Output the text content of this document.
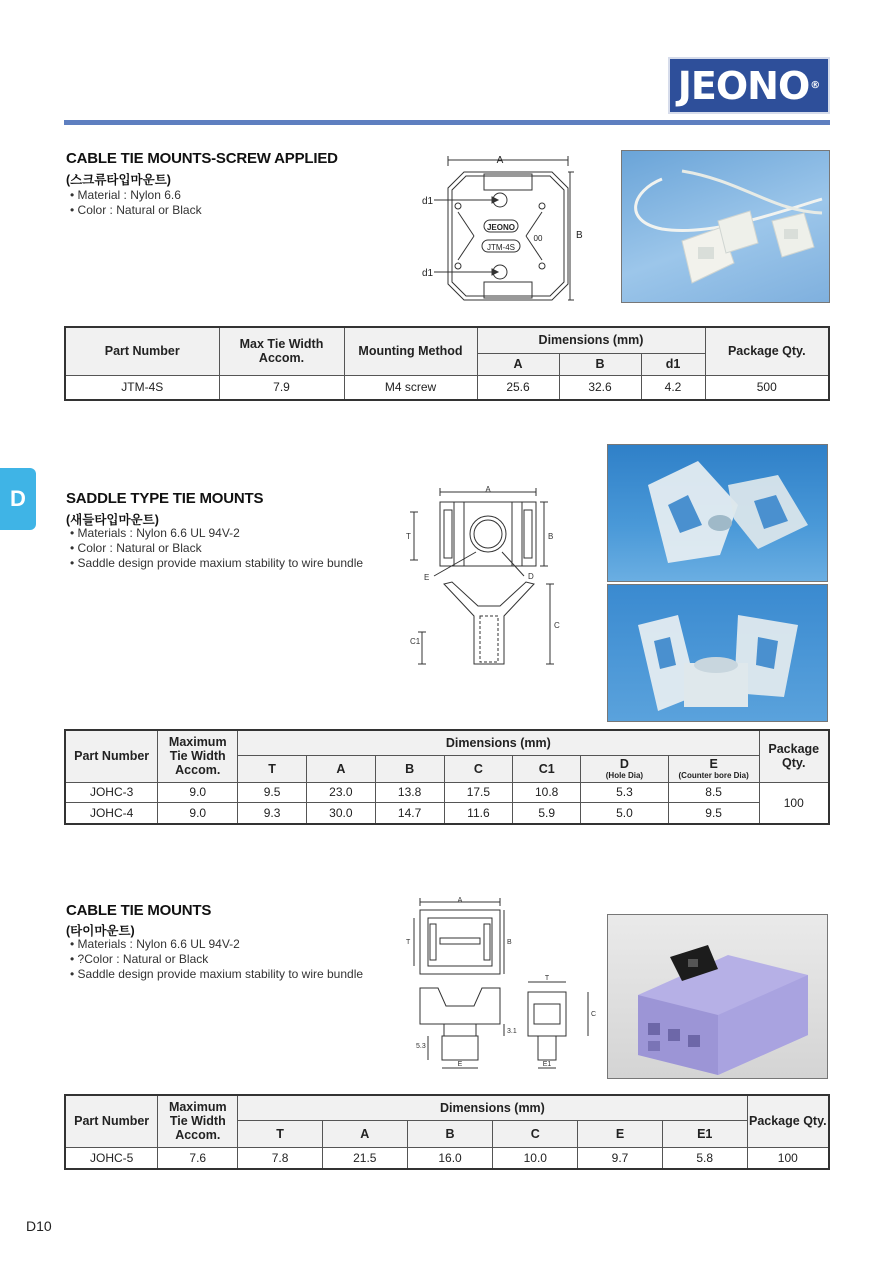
JEONO ®
D
CABLE TIE MOUNTS-SCREW APPLIED
(스크류타입마운트)
• Material : Nylon 6.6
• Color : Natural or Black
A
B
d1
d1
JEONO
JTM-4S
00
Part Number	Max Tie Width Accom.	Mounting Method	Dimensions (mm)			Package Qty.
			A	B	d1	
JTM-4S	7.9	M4 screw	25.6	32.6	4.2	500
SADDLE TYPE TIE MOUNTS
(새들타입마운트)
• Materials : Nylon 6.6 UL 94V-2
• Color : Natural or Black
• Saddle design provide maxium stability to wire bundle
A
T	B
E	D
C
C1
Part Number	Maximum Tie Width Accom.	Dimensions (mm)							Package Qty.
		T	A	B	C	C1	D
(Hole Dia)	E
(Counter bore Dia)	

JOHC-3	9.0	9.5	23.0	13.8	17.5	10.8	5.3	8.5	100
JOHC-4	9.0	9.3	30.0	14.7	11.6	5.9	5.0	9.5	
CABLE TIE MOUNTS
(타이마운트)
• Materials : Nylon 6.6 UL 94V-2
• ?Color : Natural or Black
• Saddle design provide maxium stability to wire bundle
A
T	B
T
C
E	E1
5.3
3.1
Part Number	Maximum Tie Width Accom.	Dimensions (mm)						Package Qty.
		T	A	B	C	E	E1	
JOHC-5	7.6	7.8	21.5	16.0	10.0	9.7	5.8	100
D10
